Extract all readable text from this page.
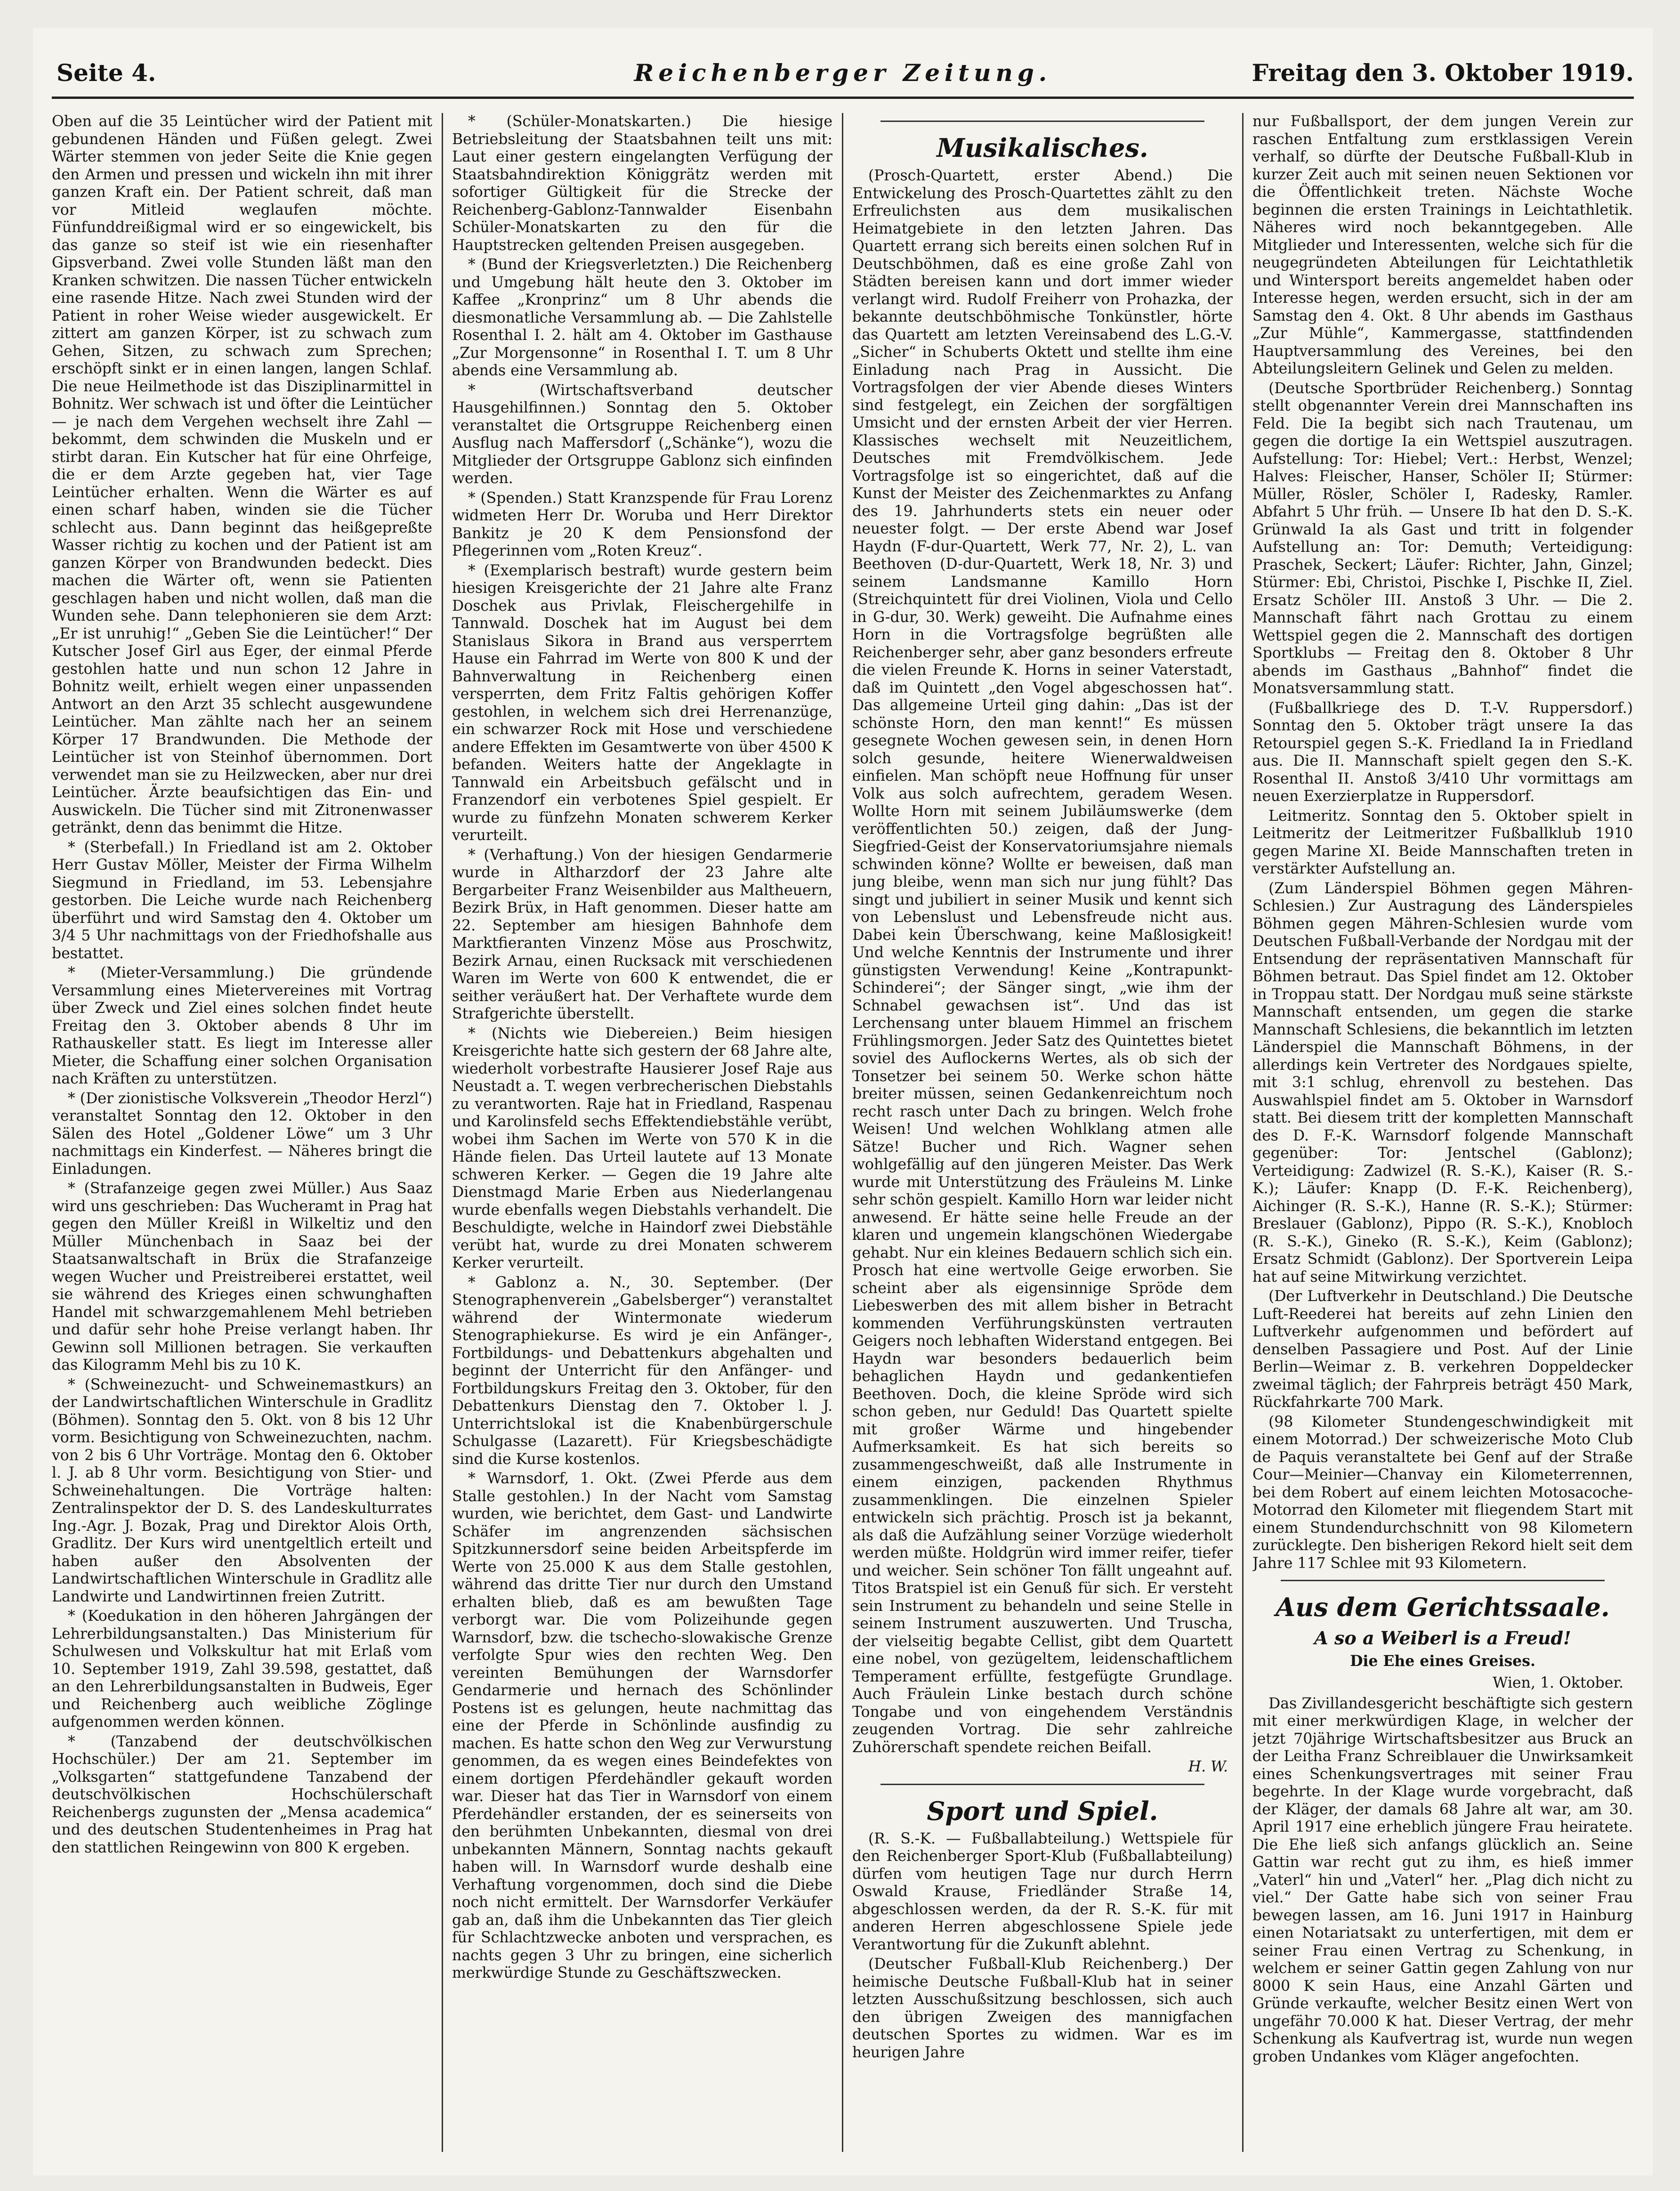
Seite 4.	Reichenberger Zeitung.	Freitag den 3. Oktober 1919.

Oben auf die 35 Leintücher wird der Patient mit gebundenen Händen und Füßen gelegt. Zwei Wärter stemmen von jeder Seite die Knie gegen den Armen und pressen und wickeln ihn mit ihrer ganzen Kraft ein. Der Patient schreit, daß man vor Mitleid weglaufen möchte. Fünfunddreißigmal wird er so eingewickelt, bis das ganze so steif ist wie ein riesenhafter Gipsverband. Zwei volle Stunden läßt man den Kranken schwitzen. Die nassen Tücher entwickeln eine rasende Hitze. Nach zwei Stunden wird der Patient in roher Weise wieder ausgewickelt. Er zittert am ganzen Körper, ist zu schwach zum Gehen, Sitzen, zu schwach zum Sprechen; erschöpft sinkt er in einen langen, langen Schlaf. Die neue Heilmethode ist das Disziplinarmittel in Bohnitz. Wer schwach ist und öfter die Leintücher — je nach dem Vergehen wechselt ihre Zahl — bekommt, dem schwinden die Muskeln und er stirbt daran. Ein Kutscher hat für eine Ohrfeige, die er dem Arzte gegeben hat, vier Tage Leintücher erhalten. Wenn die Wärter es auf einen scharf haben, winden sie die Tücher schlecht aus. Dann beginnt das heißgepreßte Wasser richtig zu kochen und der Patient ist am ganzen Körper von Brandwunden bedeckt. Dies machen die Wärter oft, wenn sie Patienten geschlagen haben und nicht wollen, daß man die Wunden sehe. Dann telephonieren sie dem Arzt: „Er ist unruhig!“ „Geben Sie die Leintücher!“ Der Kutscher Josef Girl aus Eger, der einmal Pferde gestohlen hatte und nun schon 12 Jahre in Bohnitz weilt, erhielt wegen einer unpassenden Antwort an den Arzt 35 schlecht ausgewundene Leintücher. Man zählte nach her an seinem Körper 17 Brandwunden. Die Methode der Leintücher ist von Steinhof übernommen. Dort verwendet man sie zu Heilzwecken, aber nur drei Leintücher. Ärzte beaufsichtigen das Ein- und Auswickeln. Die Tücher sind mit Zitronenwasser getränkt, denn das benimmt die Hitze.

* (Sterbefall.) In Friedland ist am 2. Oktober Herr Gustav Möller, Meister der Firma Wilhelm Siegmund in Friedland, im 53. Lebensjahre gestorben. Die Leiche wurde nach Reichenberg überführt und wird Samstag den 4. Oktober um 3/4 5 Uhr nachmittags von der Friedhofshalle aus bestattet.

* (Mieter-Versammlung.) Die gründende Versammlung eines Mietervereines mit Vortrag über Zweck und Ziel eines solchen findet heute Freitag den 3. Oktober abends 8 Uhr im Rathauskeller statt. Es liegt im Interesse aller Mieter, die Schaffung einer solchen Organisation nach Kräften zu unterstützen.

* (Der zionistische Volksverein „Theodor Herzl“) veranstaltet Sonntag den 12. Oktober in den Sälen des Hotel „Goldener Löwe“ um 3 Uhr nachmittags ein Kinderfest. — Näheres bringt die Einladungen.

* (Strafanzeige gegen zwei Müller.) Aus Saaz wird uns geschrieben: Das Wucheramt in Prag hat gegen den Müller Kreißl in Wilkeltiz und den Müller Münchenbach in Saaz bei der Staatsanwaltschaft in Brüx die Strafanzeige wegen Wucher und Preistreiberei erstattet, weil sie während des Krieges einen schwunghaften Handel mit schwarzgemahlenem Mehl betrieben und dafür sehr hohe Preise verlangt haben. Ihr Gewinn soll Millionen betragen. Sie verkauften das Kilogramm Mehl bis zu 10 K.

* (Schweinezucht- und Schweinemastkurs) an der Landwirtschaftlichen Winterschule in Gradlitz (Böhmen). Sonntag den 5. Okt. von 8 bis 12 Uhr vorm. Besichtigung von Schweinezuchten, nachm. von 2 bis 6 Uhr Vorträge. Montag den 6. Oktober l. J. ab 8 Uhr vorm. Besichtigung von Stier- und Schweinehaltungen. Die Vorträge halten: Zentralinspektor der D. S. des Landeskulturrates Ing.-Agr. J. Bozak, Prag und Direktor Alois Orth, Gradlitz. Der Kurs wird unentgeltlich erteilt und haben außer den Absolventen der Landwirtschaftlichen Winterschule in Gradlitz alle Landwirte und Landwirtinnen freien Zutritt.

* (Koedukation in den höheren Jahrgängen der Lehrerbildungsanstalten.) Das Ministerium für Schulwesen und Volkskultur hat mit Erlaß vom 10. September 1919, Zahl 39.598, gestattet, daß an den Lehrerbildungsanstalten in Budweis, Eger und Reichenberg auch weibliche Zöglinge aufgenommen werden können.

* (Tanzabend der deutschvölkischen Hochschüler.) Der am 21. September im „Volksgarten“ stattgefundene Tanzabend der deutschvölkischen Hochschülerschaft Reichenbergs zugunsten der „Mensa academica“ und des deutschen Studentenheimes in Prag hat den stattlichen Reingewinn von 800 K ergeben.

* (Schüler-Monatskarten.) Die hiesige Betriebsleitung der Staatsbahnen teilt uns mit: Laut einer gestern eingelangten Verfügung der Staatsbahndirektion Königgrätz werden mit sofortiger Gültigkeit für die Strecke der Reichenberg-Gablonz-Tannwalder Eisenbahn Schüler-Monatskarten zu den für die Hauptstrecken geltenden Preisen ausgegeben.

* (Bund der Kriegsverletzten.) Die Reichenberg und Umgebung hält heute den 3. Oktober im Kaffee „Kronprinz“ um 8 Uhr abends die diesmonatliche Versammlung ab. — Die Zahlstelle Rosenthal I. 2. hält am 4. Oktober im Gasthause „Zur Morgensonne“ in Rosenthal I. T. um 8 Uhr abends eine Versammlung ab.

* (Wirtschaftsverband deutscher Hausgehilfinnen.) Sonntag den 5. Oktober veranstaltet die Ortsgruppe Reichenberg einen Ausflug nach Maffersdorf („Schänke“), wozu die Mitglieder der Ortsgruppe Gablonz sich einfinden werden.

* (Spenden.) Statt Kranzspende für Frau Lorenz widmeten Herr Dr. Woruba und Herr Direktor Bankitz je 20 K dem Pensionsfond der Pflegerinnen vom „Roten Kreuz“.

* (Exemplarisch bestraft) wurde gestern beim hiesigen Kreisgerichte der 21 Jahre alte Franz Doschek aus Privlak, Fleischergehilfe in Tannwald. Doschek hat im August bei dem Stanislaus Sikora in Brand aus versperrtem Hause ein Fahrrad im Werte von 800 K und der Bahnverwaltung in Reichenberg einen versperrten, dem Fritz Faltis gehörigen Koffer gestohlen, in welchem sich drei Herrenanzüge, ein schwarzer Rock mit Hose und verschiedene andere Effekten im Gesamtwerte von über 4500 K befanden. Weiters hatte der Angeklagte in Tannwald ein Arbeitsbuch gefälscht und in Franzendorf ein verbotenes Spiel gespielt. Er wurde zu fünfzehn Monaten schwerem Kerker verurteilt.

* (Verhaftung.) Von der hiesigen Gendarmerie wurde in Altharzdorf der 23 Jahre alte Bergarbeiter Franz Weisenbilder aus Maltheuern, Bezirk Brüx, in Haft genommen. Dieser hatte am 22. September am hiesigen Bahnhofe dem Marktfieranten Vinzenz Möse aus Proschwitz, Bezirk Arnau, einen Rucksack mit verschiedenen Waren im Werte von 600 K entwendet, die er seither veräußert hat. Der Verhaftete wurde dem Strafgerichte überstellt.

* (Nichts wie Diebereien.) Beim hiesigen Kreisgerichte hatte sich gestern der 68 Jahre alte, wiederholt vorbestrafte Hausierer Josef Raje aus Neustadt a. T. wegen verbrecherischen Diebstahls zu verantworten. Raje hat in Friedland, Raspenau und Karolinsfeld sechs Effektendiebstähle verübt, wobei ihm Sachen im Werte von 570 K in die Hände fielen. Das Urteil lautete auf 13 Monate schweren Kerker. — Gegen die 19 Jahre alte Dienstmagd Marie Erben aus Niederlangenau wurde ebenfalls wegen Diebstahls verhandelt. Die Beschuldigte, welche in Haindorf zwei Diebstähle verübt hat, wurde zu drei Monaten schwerem Kerker verurteilt.

* Gablonz a. N., 30. September. (Der Stenographenverein „Gabelsberger“) veranstaltet während der Wintermonate wiederum Stenographiekurse. Es wird je ein Anfänger-, Fortbildungs- und Debattenkurs abgehalten und beginnt der Unterricht für den Anfänger- und Fortbildungskurs Freitag den 3. Oktober, für den Debattenkurs Dienstag den 7. Oktober l. J. Unterrichtslokal ist die Knabenbürgerschule Schulgasse (Lazarett). Für Kriegsbeschädigte sind die Kurse kostenlos.

* Warnsdorf, 1. Okt. (Zwei Pferde aus dem Stalle gestohlen.) In der Nacht vom Samstag wurden, wie berichtet, dem Gast- und Landwirte Schäfer im angrenzenden sächsischen Spitzkunnersdorf seine beiden Arbeitspferde im Werte von 25.000 K aus dem Stalle gestohlen, während das dritte Tier nur durch den Umstand erhalten blieb, daß es am bewußten Tage verborgt war. Die vom Polizeihunde gegen Warnsdorf, bzw. die tschecho-slowakische Grenze verfolgte Spur wies den rechten Weg. Den vereinten Bemühungen der Warnsdorfer Gendarmerie und hernach des Schönlinder Postens ist es gelungen, heute nachmittag das eine der Pferde in Schönlinde ausfindig zu machen. Es hatte schon den Weg zur Verwurstung genommen, da es wegen eines Beindefektes von einem dortigen Pferdehändler gekauft worden war. Dieser hat das Tier in Warnsdorf von einem Pferdehändler erstanden, der es seinerseits von den berühmten Unbekannten, diesmal von drei unbekannten Männern, Sonntag nachts gekauft haben will. In Warnsdorf wurde deshalb eine Verhaftung vorgenommen, doch sind die Diebe noch nicht ermittelt. Der Warnsdorfer Verkäufer gab an, daß ihm die Unbekannten das Tier gleich für Schlachtzwecke anboten und versprachen, es nachts gegen 3 Uhr zu bringen, eine sicherlich merkwürdige Stunde zu Geschäftszwecken.

Musikalisches.

(Prosch-Quartett, erster Abend.) Die Entwickelung des Prosch-Quartettes zählt zu den Erfreulichsten aus dem musikalischen Heimatgebiete in den letzten Jahren. Das Quartett errang sich bereits einen solchen Ruf in Deutschböhmen, daß es eine große Zahl von Städten bereisen kann und dort immer wieder verlangt wird. Rudolf Freiherr von Prohazka, der bekannte deutschböhmische Tonkünstler, hörte das Quartett am letzten Vereinsabend des L.G.-V. „Sicher“ in Schuberts Oktett und stellte ihm eine Einladung nach Prag in Aussicht. Die Vortragsfolgen der vier Abende dieses Winters sind festgelegt, ein Zeichen der sorgfältigen Umsicht und der ernsten Arbeit der vier Herren. Klassisches wechselt mit Neuzeitlichem, Deutsches mit Fremdvölkischem. Jede Vortragsfolge ist so eingerichtet, daß auf die Kunst der Meister des Zeichenmarktes zu Anfang des 19. Jahrhunderts stets ein neuer oder neuester folgt. — Der erste Abend war Josef Haydn (F-dur-Quartett, Werk 77, Nr. 2), L. van Beethoven (D-dur-Quartett, Werk 18, Nr. 3) und seinem Landsmanne Kamillo Horn (Streichquintett für drei Violinen, Viola und Cello in G-dur, 30. Werk) geweiht. Die Aufnahme eines Horn in die Vortragsfolge begrüßten alle Reichenberger sehr, aber ganz besonders erfreute die vielen Freunde K. Horns in seiner Vaterstadt, daß im Quintett „den Vogel abgeschossen hat“. Das allgemeine Urteil ging dahin: „Das ist der schönste Horn, den man kennt!“ Es müssen gesegnete Wochen gewesen sein, in denen Horn solch gesunde, heitere Wienerwaldweisen einfielen. Man schöpft neue Hoffnung für unser Volk aus solch aufrechtem, geradem Wesen. Wollte Horn mit seinem Jubiläumswerke (dem veröffentlichten 50.) zeigen, daß der Jung-Siegfried-Geist der Konservatoriumsjahre niemals schwinden könne? Wollte er beweisen, daß man jung bleibe, wenn man sich nur jung fühlt? Das singt und jubiliert in seiner Musik und kennt sich von Lebenslust und Lebensfreude nicht aus. Dabei kein Überschwang, keine Maßlosigkeit! Und welche Kenntnis der Instrumente und ihrer günstigsten Verwendung! Keine „Kontrapunkt-Schinderei“; der Sänger singt, „wie ihm der Schnabel gewachsen ist“. Und das ist Lerchensang unter blauem Himmel an frischem Frühlingsmorgen. Jeder Satz des Quintettes bietet soviel des Auflockerns Wertes, als ob sich der Tonsetzer bei seinem 50. Werke schon hätte breiter müssen, seinen Gedankenreichtum noch recht rasch unter Dach zu bringen. Welch frohe Weisen! Und welchen Wohlklang atmen alle Sätze! Bucher und Rich. Wagner sehen wohlgefällig auf den jüngeren Meister. Das Werk wurde mit Unterstützung des Fräuleins M. Linke sehr schön gespielt. Kamillo Horn war leider nicht anwesend. Er hätte seine helle Freude an der klaren und ungemein klangschönen Wiedergabe gehabt. Nur ein kleines Bedauern schlich sich ein. Prosch hat eine wertvolle Geige erworben. Sie scheint aber als eigensinnige Spröde dem Liebeswerben des mit allem bisher in Betracht kommenden Verführungskünsten vertrauten Geigers noch lebhaften Widerstand entgegen. Bei Haydn war besonders bedauerlich beim behaglichen Haydn und gedankentiefen Beethoven. Doch, die kleine Spröde wird sich schon geben, nur Geduld! Das Quartett spielte mit großer Wärme und hingebender Aufmerksamkeit. Es hat sich bereits so zusammengeschweißt, daß alle Instrumente in einem einzigen, packenden Rhythmus zusammenklingen. Die einzelnen Spieler entwickeln sich prächtig. Prosch ist ja bekannt, als daß die Aufzählung seiner Vorzüge wiederholt werden müßte. Holdgrün wird immer reifer, tiefer und weicher. Sein schöner Ton fällt ungeahnt auf. Titos Bratspiel ist ein Genuß für sich. Er versteht sein Instrument zu behandeln und seine Stelle in seinem Instrument auszuwerten. Und Truscha, der vielseitig begabte Cellist, gibt dem Quartett eine nobel, von gezügeltem, leidenschaftlichem Temperament erfüllte, festgefügte Grundlage. Auch Fräulein Linke bestach durch schöne Tongabe und von eingehendem Verständnis zeugenden Vortrag. Die sehr zahlreiche Zuhörerschaft spendete reichen Beifall.

H. W.
Sport und Spiel.

(R. S.-K. — Fußballabteilung.) Wettspiele für den Reichenberger Sport-Klub (Fußballabteilung) dürfen vom heutigen Tage nur durch Herrn Oswald Krause, Friedländer Straße 14, abgeschlossen werden, da der R. S.-K. für mit anderen Herren abgeschlossene Spiele jede Verantwortung für die Zukunft ablehnt.

(Deutscher Fußball-Klub Reichenberg.) Der heimische Deutsche Fußball-Klub hat in seiner letzten Ausschußsitzung beschlossen, sich auch den übrigen Zweigen des mannigfachen deutschen Sportes zu widmen. War es im heurigen Jahre

nur Fußballsport, der dem jungen Verein zur raschen Entfaltung zum erstklassigen Verein verhalf, so dürfte der Deutsche Fußball-Klub in kurzer Zeit auch mit seinen neuen Sektionen vor die Öffentlichkeit treten. Nächste Woche beginnen die ersten Trainings in Leichtathletik. Näheres wird noch bekanntgegeben. Alle Mitglieder und Interessenten, welche sich für die neugegründeten Abteilungen für Leichtathletik und Wintersport bereits angemeldet haben oder Interesse hegen, werden ersucht, sich in der am Samstag den 4. Okt. 8 Uhr abends im Gasthaus „Zur Mühle“, Kammergasse, stattfindenden Hauptversammlung des Vereines, bei den Abteilungsleitern Gelinek und Gelen zu melden.

(Deutsche Sportbrüder Reichenberg.) Sonntag stellt obgenannter Verein drei Mannschaften ins Feld. Die Ia begibt sich nach Trautenau, um gegen die dortige Ia ein Wettspiel auszutragen. Aufstellung: Tor: Hiebel; Vert.: Herbst, Wenzel; Halves: Fleischer, Hanser, Schöler II; Stürmer: Müller, Rösler, Schöler I, Radesky, Ramler. Abfahrt 5 Uhr früh. — Unsere Ib hat den D. S.-K. Grünwald Ia als Gast und tritt in folgender Aufstellung an: Tor: Demuth; Verteidigung: Praschek, Seckert; Läufer: Richter, Jahn, Ginzel; Stürmer: Ebi, Christoi, Pischke I, Pischke II, Ziel. Ersatz Schöler III. Anstoß 3 Uhr. — Die 2. Mannschaft fährt nach Grottau zu einem Wettspiel gegen die 2. Mannschaft des dortigen Sportklubs — Freitag den 8. Oktober 8 Uhr abends im Gasthaus „Bahnhof“ findet die Monatsversammlung statt.

(Fußballkriege des D. T.-V. Ruppersdorf.) Sonntag den 5. Oktober trägt unsere Ia das Retourspiel gegen S.-K. Friedland Ia in Friedland aus. Die II. Mannschaft spielt gegen den S.-K. Rosenthal II. Anstoß 3/410 Uhr vormittags am neuen Exerzierplatze in Ruppersdorf.

Leitmeritz. Sonntag den 5. Oktober spielt in Leitmeritz der Leitmeritzer Fußballklub 1910 gegen Marine XI. Beide Mannschaften treten in verstärkter Aufstellung an.

(Zum Länderspiel Böhmen gegen Mähren-Schlesien.) Zur Austragung des Länderspieles Böhmen gegen Mähren-Schlesien wurde vom Deutschen Fußball-Verbande der Nordgau mit der Entsendung der repräsentativen Mannschaft für Böhmen betraut. Das Spiel findet am 12. Oktober in Troppau statt. Der Nordgau muß seine stärkste Mannschaft entsenden, um gegen die starke Mannschaft Schlesiens, die bekanntlich im letzten Länderspiel die Mannschaft Böhmens, in der allerdings kein Vertreter des Nordgaues spielte, mit 3:1 schlug, ehrenvoll zu bestehen. Das Auswahlspiel findet am 5. Oktober in Warnsdorf statt. Bei diesem tritt der kompletten Mannschaft des D. F.-K. Warnsdorf folgende Mannschaft gegenüber: Tor: Jentschel (Gablonz); Verteidigung: Zadwizel (R. S.-K.), Kaiser (R. S.-K.); Läufer: Knapp (D. F.-K. Reichenberg), Aichinger (R. S.-K.), Hanne (R. S.-K.); Stürmer: Breslauer (Gablonz), Pippo (R. S.-K.), Knobloch (R. S.-K.), Gineko (R. S.-K.), Keim (Gablonz); Ersatz Schmidt (Gablonz). Der Sportverein Leipa hat auf seine Mitwirkung verzichtet.

(Der Luftverkehr in Deutschland.) Die Deutsche Luft-Reederei hat bereits auf zehn Linien den Luftverkehr aufgenommen und befördert auf denselben Passagiere und Post. Auf der Linie Berlin—Weimar z. B. verkehren Doppeldecker zweimal täglich; der Fahrpreis beträgt 450 Mark, Rückfahrkarte 700 Mark.

(98 Kilometer Stundengeschwindigkeit mit einem Motorrad.) Der schweizerische Moto Club de Paquis veranstaltete bei Genf auf der Straße Cour—Meinier—Chanvay ein Kilometerrennen, bei dem Robert auf einem leichten Motosacoche-Motorrad den Kilometer mit fliegendem Start mit einem Stundendurchschnitt von 98 Kilometern zurücklegte. Den bisherigen Rekord hielt seit dem Jahre 117 Schlee mit 93 Kilometern.

Aus dem Gerichtssaale.
A so a Weiberl is a Freud!
Die Ehe eines Greises.
Wien, 1. Oktober.

Das Zivillandesgericht beschäftigte sich gestern mit einer merkwürdigen Klage, in welcher der jetzt 70jährige Wirtschaftsbesitzer aus Bruck an der Leitha Franz Schreiblauer die Unwirksamkeit eines Schenkungsvertrages mit seiner Frau begehrte. In der Klage wurde vorgebracht, daß der Kläger, der damals 68 Jahre alt war, am 30. April 1917 eine erheblich jüngere Frau heiratete. Die Ehe ließ sich anfangs glücklich an. Seine Gattin war recht gut zu ihm, es hieß immer „Vaterl“ hin und „Vaterl“ her. „Plag dich nicht zu viel.“ Der Gatte habe sich von seiner Frau bewegen lassen, am 16. Juni 1917 in Hainburg einen Notariatsakt zu unterfertigen, mit dem er seiner Frau einen Vertrag zu Schenkung, in welchem er seiner Gattin gegen Zahlung von nur 8000 K sein Haus, eine Anzahl Gärten und Gründe verkaufte, welcher Besitz einen Wert von ungefähr 70.000 K hat. Dieser Vertrag, der mehr Schenkung als Kaufvertrag ist, wurde nun wegen groben Undankes vom Kläger angefochten.
